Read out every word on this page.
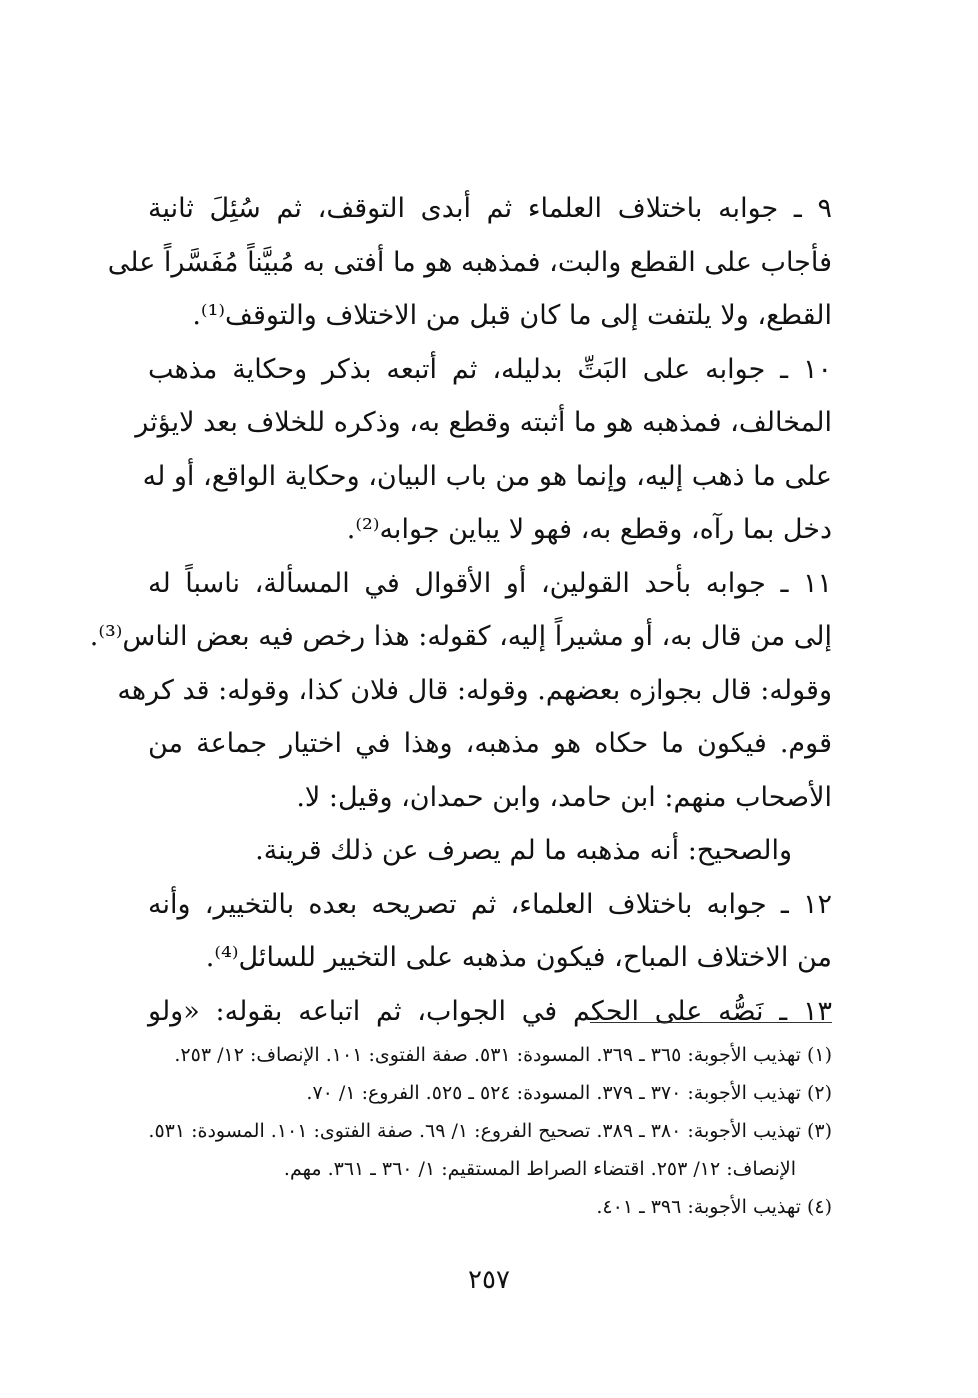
٩ ـ جوابه باختلاف العلماء ثم أبدى التوقف، ثم سُئِلَ ثانية
فأجاب على القطع والبت، فمذهبه هو ما أفتى به مُبيَّناً مُفَسَّراً على
القطع، ولا يلتفت إلى ما كان قبل من الاختلاف والتوقف⁽¹⁾.
١٠ ـ جوابه على البَتِّ بدليله، ثم أتبعه بذكر وحكاية مذهب
المخالف، فمذهبه هو ما أثبته وقطع به، وذكره للخلاف بعد لايؤثر
على ما ذهب إليه، وإنما هو من باب البيان، وحكاية الواقع، أو له
دخل بما رآه، وقطع به، فهو لا يباين جوابه⁽²⁾.
١١ ـ جوابه بأحد القولين، أو الأقوال في المسألة، ناسباً له
إلى من قال به، أو مشيراً إليه، كقوله: هذا رخص فيه بعض الناس⁽³⁾.
وقوله: قال بجوازه بعضهم. وقوله: قال فلان كذا، وقوله: قد كرهه
قوم. فيكون ما حكاه هو مذهبه، وهذا في اختيار جماعة من
الأصحاب منهم: ابن حامد، وابن حمدان، وقيل: لا.
والصحيح: أنه مذهبه ما لم يصرف عن ذلك قرينة.
١٢ ـ جوابه باختلاف العلماء، ثم تصريحه بعده بالتخيير، وأنه
من الاختلاف المباح، فيكون مذهبه على التخيير للسائل⁽⁴⁾.
١٣ ـ نَصُّه على الحكم في الجواب، ثم اتباعه بقوله: «ولو
(١) تهذيب الأجوبة: ٣٦٥ ـ ٣٦٩. المسودة: ٥٣١. صفة الفتوى: ١٠١. الإنصاف: ١٢/ ٢٥٣.
(٢) تهذيب الأجوبة: ٣٧٠ ـ ٣٧٩. المسودة: ٥٢٤ ـ ٥٢٥. الفروع: ١/ ٧٠.
(٣) تهذيب الأجوبة: ٣٨٠ ـ ٣٨٩. تصحيح الفروع: ١/ ٦٩. صفة الفتوى: ١٠١. المسودة: ٥٣١.
الإنصاف: ١٢/ ٢٥٣. اقتضاء الصراط المستقيم: ١/ ٣٦٠ ـ ٣٦١. مهم.
(٤) تهذيب الأجوبة: ٣٩٦ ـ ٤٠١.
٢٥٧
